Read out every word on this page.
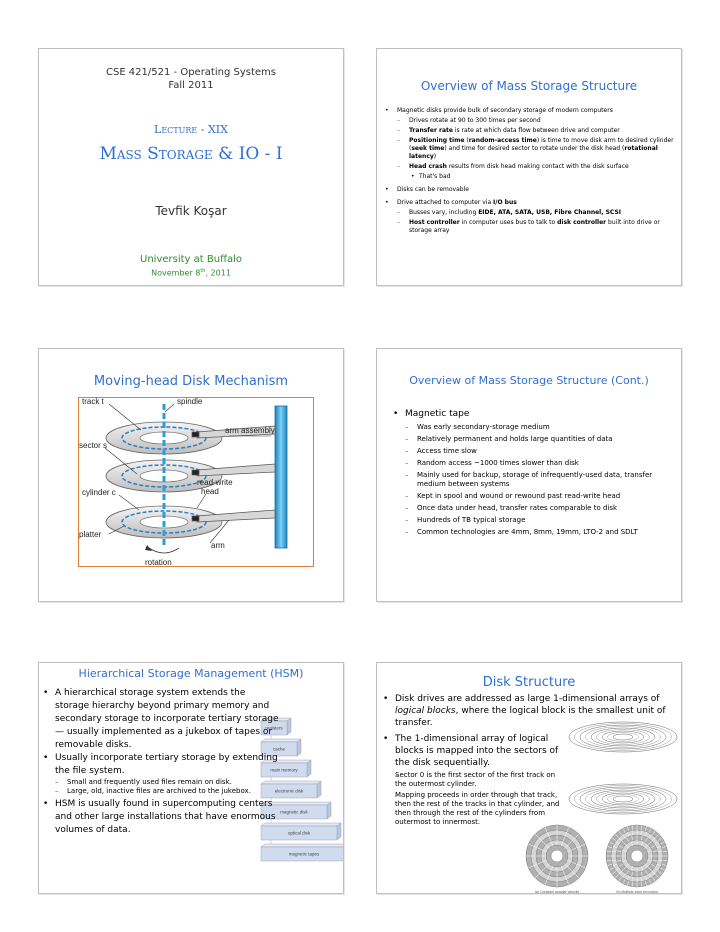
CSE 421/521 - Operating Systems
Fall 2011
Lecture - XIX
Mass Storage & IO - I
Tevfik Koşar
University at Buffalo
November 8th, 2011
Overview of Mass Storage Structure
• Magnetic disks provide bulk of secondary storage of modern computers
– Drives rotate at 90 to 300 times per second
– Transfer rate is rate at which data flow between drive and computer
– Positioning time (random-access time) is time to move disk arm to desired cylinder (seek time) and time for desired sector to rotate under the disk head (rotational latency)
– Head crash results from disk head making contact with the disk surface
• That's bad
• Disks can be removable
• Drive attached to computer via I/O bus
– Busses vary, including EIDE, ATA, SATA, USB, Fibre Channel, SCSI
– Host controller in computer uses bus to talk to disk controller built into drive or storage array
Moving-head Disk Mechanism
track t	spindle
arm assembly
sector s
cylinder c
read-write
head
platter
arm
rotation
Overview of Mass Storage Structure (Cont.)
• Magnetic tape
– Was early secondary-storage medium
– Relatively permanent and holds large quantities of data
– Access time slow
– Random access ~1000 times slower than disk
– Mainly used for backup, storage of infrequently-used data, transfer medium between systems
– Kept in spool and wound or rewound past read-write head
– Once data under head, transfer rates comparable to disk
– Hundreds of TB typical storage
– Common technologies are 4mm, 8mm, 19mm, LTO-2 and SDLT
Hierarchical Storage Management (HSM)
registers
cache
main memory
electronic disk
magnetic disk
optical disk
magnetic tapes
• A hierarchical storage system extends the storage hierarchy beyond primary memory and secondary storage to incorporate tertiary storage — usually implemented as a jukebox of tapes or removable disks.
• Usually incorporate tertiary storage by extending the file system.
– Small and frequently used files remain on disk.
– Large, old, inactive files are archived to the jukebox.
• HSM is usually found in supercomputing centers and other large installations that have enormous volumes of data.
Disk Structure
• Disk drives are addressed as large 1-dimensional arrays of logical blocks, where the logical block is the smallest unit of transfer.
• The 1-dimensional array of logical blocks is mapped into the sectors of the disk sequentially.
– Sector 0 is the first sector of the first track on the outermost cylinder.
– Mapping proceeds in order through that track, then the rest of the tracks in that cylinder, and then through the rest of the cylinders from outermost to innermost.
(a) Constant angular velocity	(b) Multiple zone recording
